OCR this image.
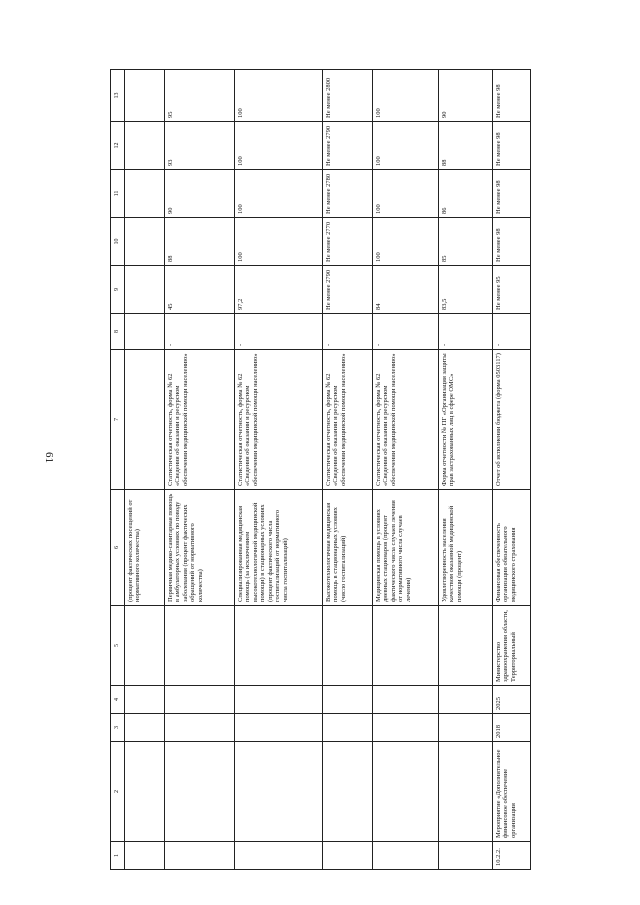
61
1	2	3	4	5	6	7	8	9	10	11	12	13
					(процент фактических посещений от нормативного количества)							
					Первичная медико-санитарная помощь в амбулаторных условиях по поводу заболевания (процент фактических обращений от нормативного количества)	Статистическая отчетность, форма № 62 «Сведения об оказании и ресурсном обеспечении медицинской помощи населению»	-	45	88	90	93	95
					Специализированная медицинская помощь (за исключением высокотехнологичной медицинской помощи) в стационарных условиях (процент фактического числа госпитализаций от нормативного числа госпитализаций)	Статистическая отчетность, форма № 62 «Сведения об оказании и ресурсном обеспечении медицинской помощи населению»	-	97,2	100	100	100	100
					Высокотехнологичная медицинская помощь в стационарных условиях (число госпитализаций)	Статистическая отчетность, форма № 62 «Сведения об оказании и ресурсном обеспечении медицинской помощи населению»	-	Не менее 2790	Не менее 2770	Не менее 2780	Не менее 2790	Не менее 2800
					Медицинская помощь в условиях дневных стационаров (процент фактического числа случаев лечения от нормативного числа случаев лечения)	Статистическая отчетность, форма № 62 «Сведения об оказании и ресурсном обеспечении медицинской помощи населению»	-	84	100	100	100	100
					Удовлетворенность населения качеством оказанной медицинской помощи (процент)	Форма отчетности № ПГ «Организация защиты прав застрахованных лиц в сфере ОМС»	-	83,5	85	86	88	90
10.2.2.	Мероприятие «Дополнительное финансовое обеспечение организации	2018	2025	Министерство здравоохранения области, Территориальный	Финансовая обеспеченность организации обязательного медицинского страхования	Отчет об исполнении бюджета (форма 0503117)	-	Не менее 95	Не менее 98	Не менее 98	Не менее 98	Не менее 98
